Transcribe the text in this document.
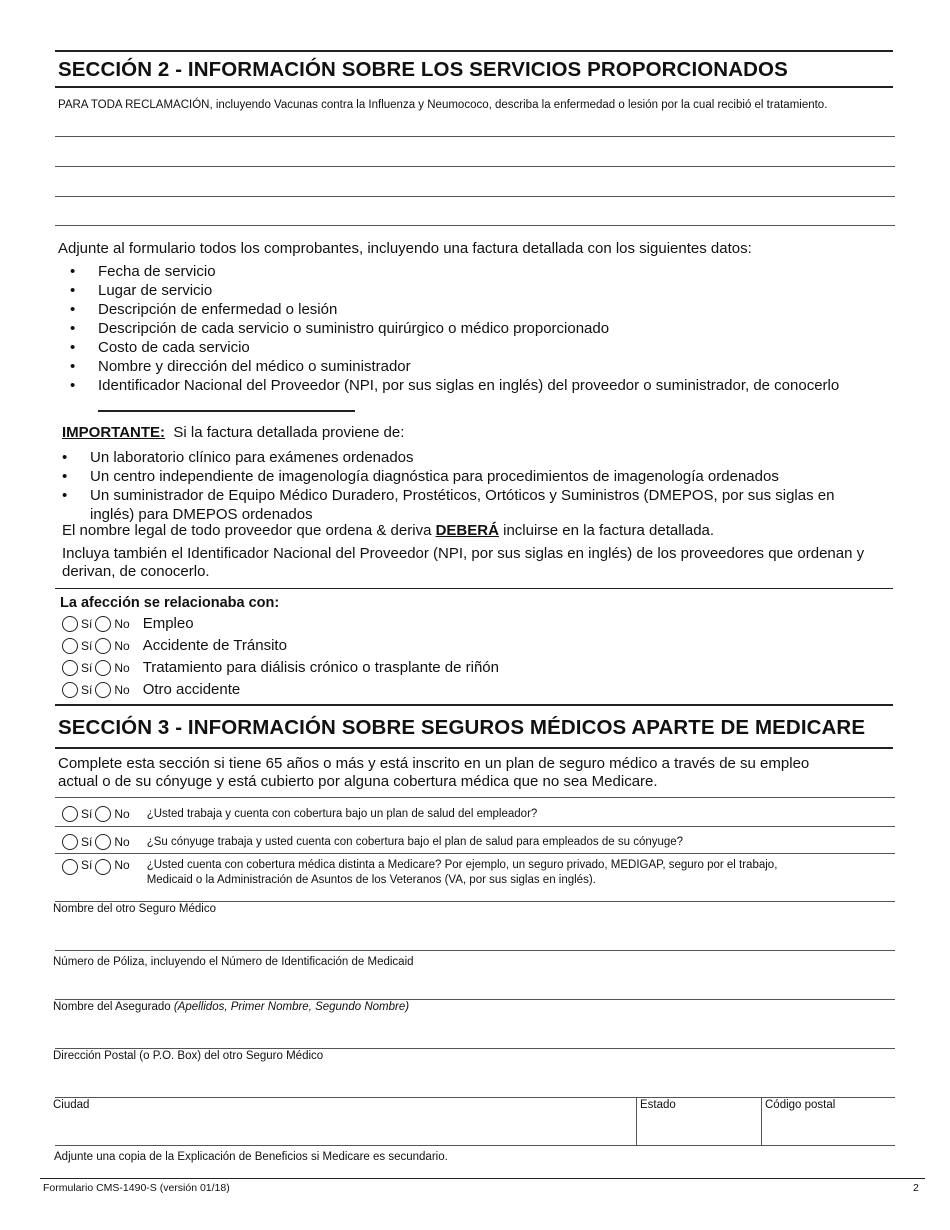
SECCIÓN 2 - INFORMACIÓN SOBRE LOS SERVICIOS PROPORCIONADOS
PARA TODA RECLAMACIÓN, incluyendo Vacunas contra la Influenza y Neumococo, describa la enfermedad o lesión por la cual recibió el tratamiento.
Adjunte al formulario todos los comprobantes, incluyendo una factura detallada con los siguientes datos:
• Fecha de servicio
• Lugar de servicio
• Descripción de enfermedad o lesión
• Descripción de cada servicio o suministro quirúrgico o médico proporcionado
• Costo de cada servicio
• Nombre y dirección del médico o suministrador
• Identificador Nacional del Proveedor (NPI, por sus siglas en inglés) del proveedor o suministrador, de conocerlo
IMPORTANTE: Si la factura detallada proviene de:
• Un laboratorio clínico para exámenes ordenados
• Un centro independiente de imagenología diagnóstica para procedimientos de imagenología ordenados
• Un suministrador de Equipo Médico Duradero, Prostéticos, Ortóticos y Suministros (DMEPOS, por sus siglas en
inglés) para DMEPOS ordenados
El nombre legal de todo proveedor que ordena & deriva DEBERÁ incluirse en la factura detallada.
Incluya también el Identificador Nacional del Proveedor (NPI, por sus siglas en inglés) de los proveedores que ordenan y
derivan, de conocerlo.
La afección se relacionaba con:
Sí No Empleo
Sí No Accidente de Tránsito
Sí No Tratamiento para diálisis crónico o trasplante de riñón
Sí No Otro accidente
SECCIÓN 3 - INFORMACIÓN SOBRE SEGUROS MÉDICOS APARTE DE MEDICARE
Complete esta sección si tiene 65 años o más y está inscrito en un plan de seguro médico a través de su empleo
actual o de su cónyuge y está cubierto por alguna cobertura médica que no sea Medicare.
Sí No ¿Usted trabaja y cuenta con cobertura bajo un plan de salud del empleador?
Sí No ¿Su cónyuge trabaja y usted cuenta con cobertura bajo el plan de salud para empleados de su cónyuge?
Sí No ¿Usted cuenta con cobertura médica distinta a Medicare? Por ejemplo, un seguro privado, MEDIGAP, seguro por el trabajo,
Medicaid o la Administración de Asuntos de los Veteranos (VA, por sus siglas en inglés).
Nombre del otro Seguro Médico
Número de Póliza, incluyendo el Número de Identificación de Medicaid
Nombre del Asegurado (Apellidos, Primer Nombre, Segundo Nombre)
Dirección Postal (o P.O. Box) del otro Seguro Médico
Ciudad	Estado	Código postal
Adjunte una copia de la Explicación de Beneficios si Medicare es secundario.
Formulario CMS-1490-S (versión 01/18)	2
